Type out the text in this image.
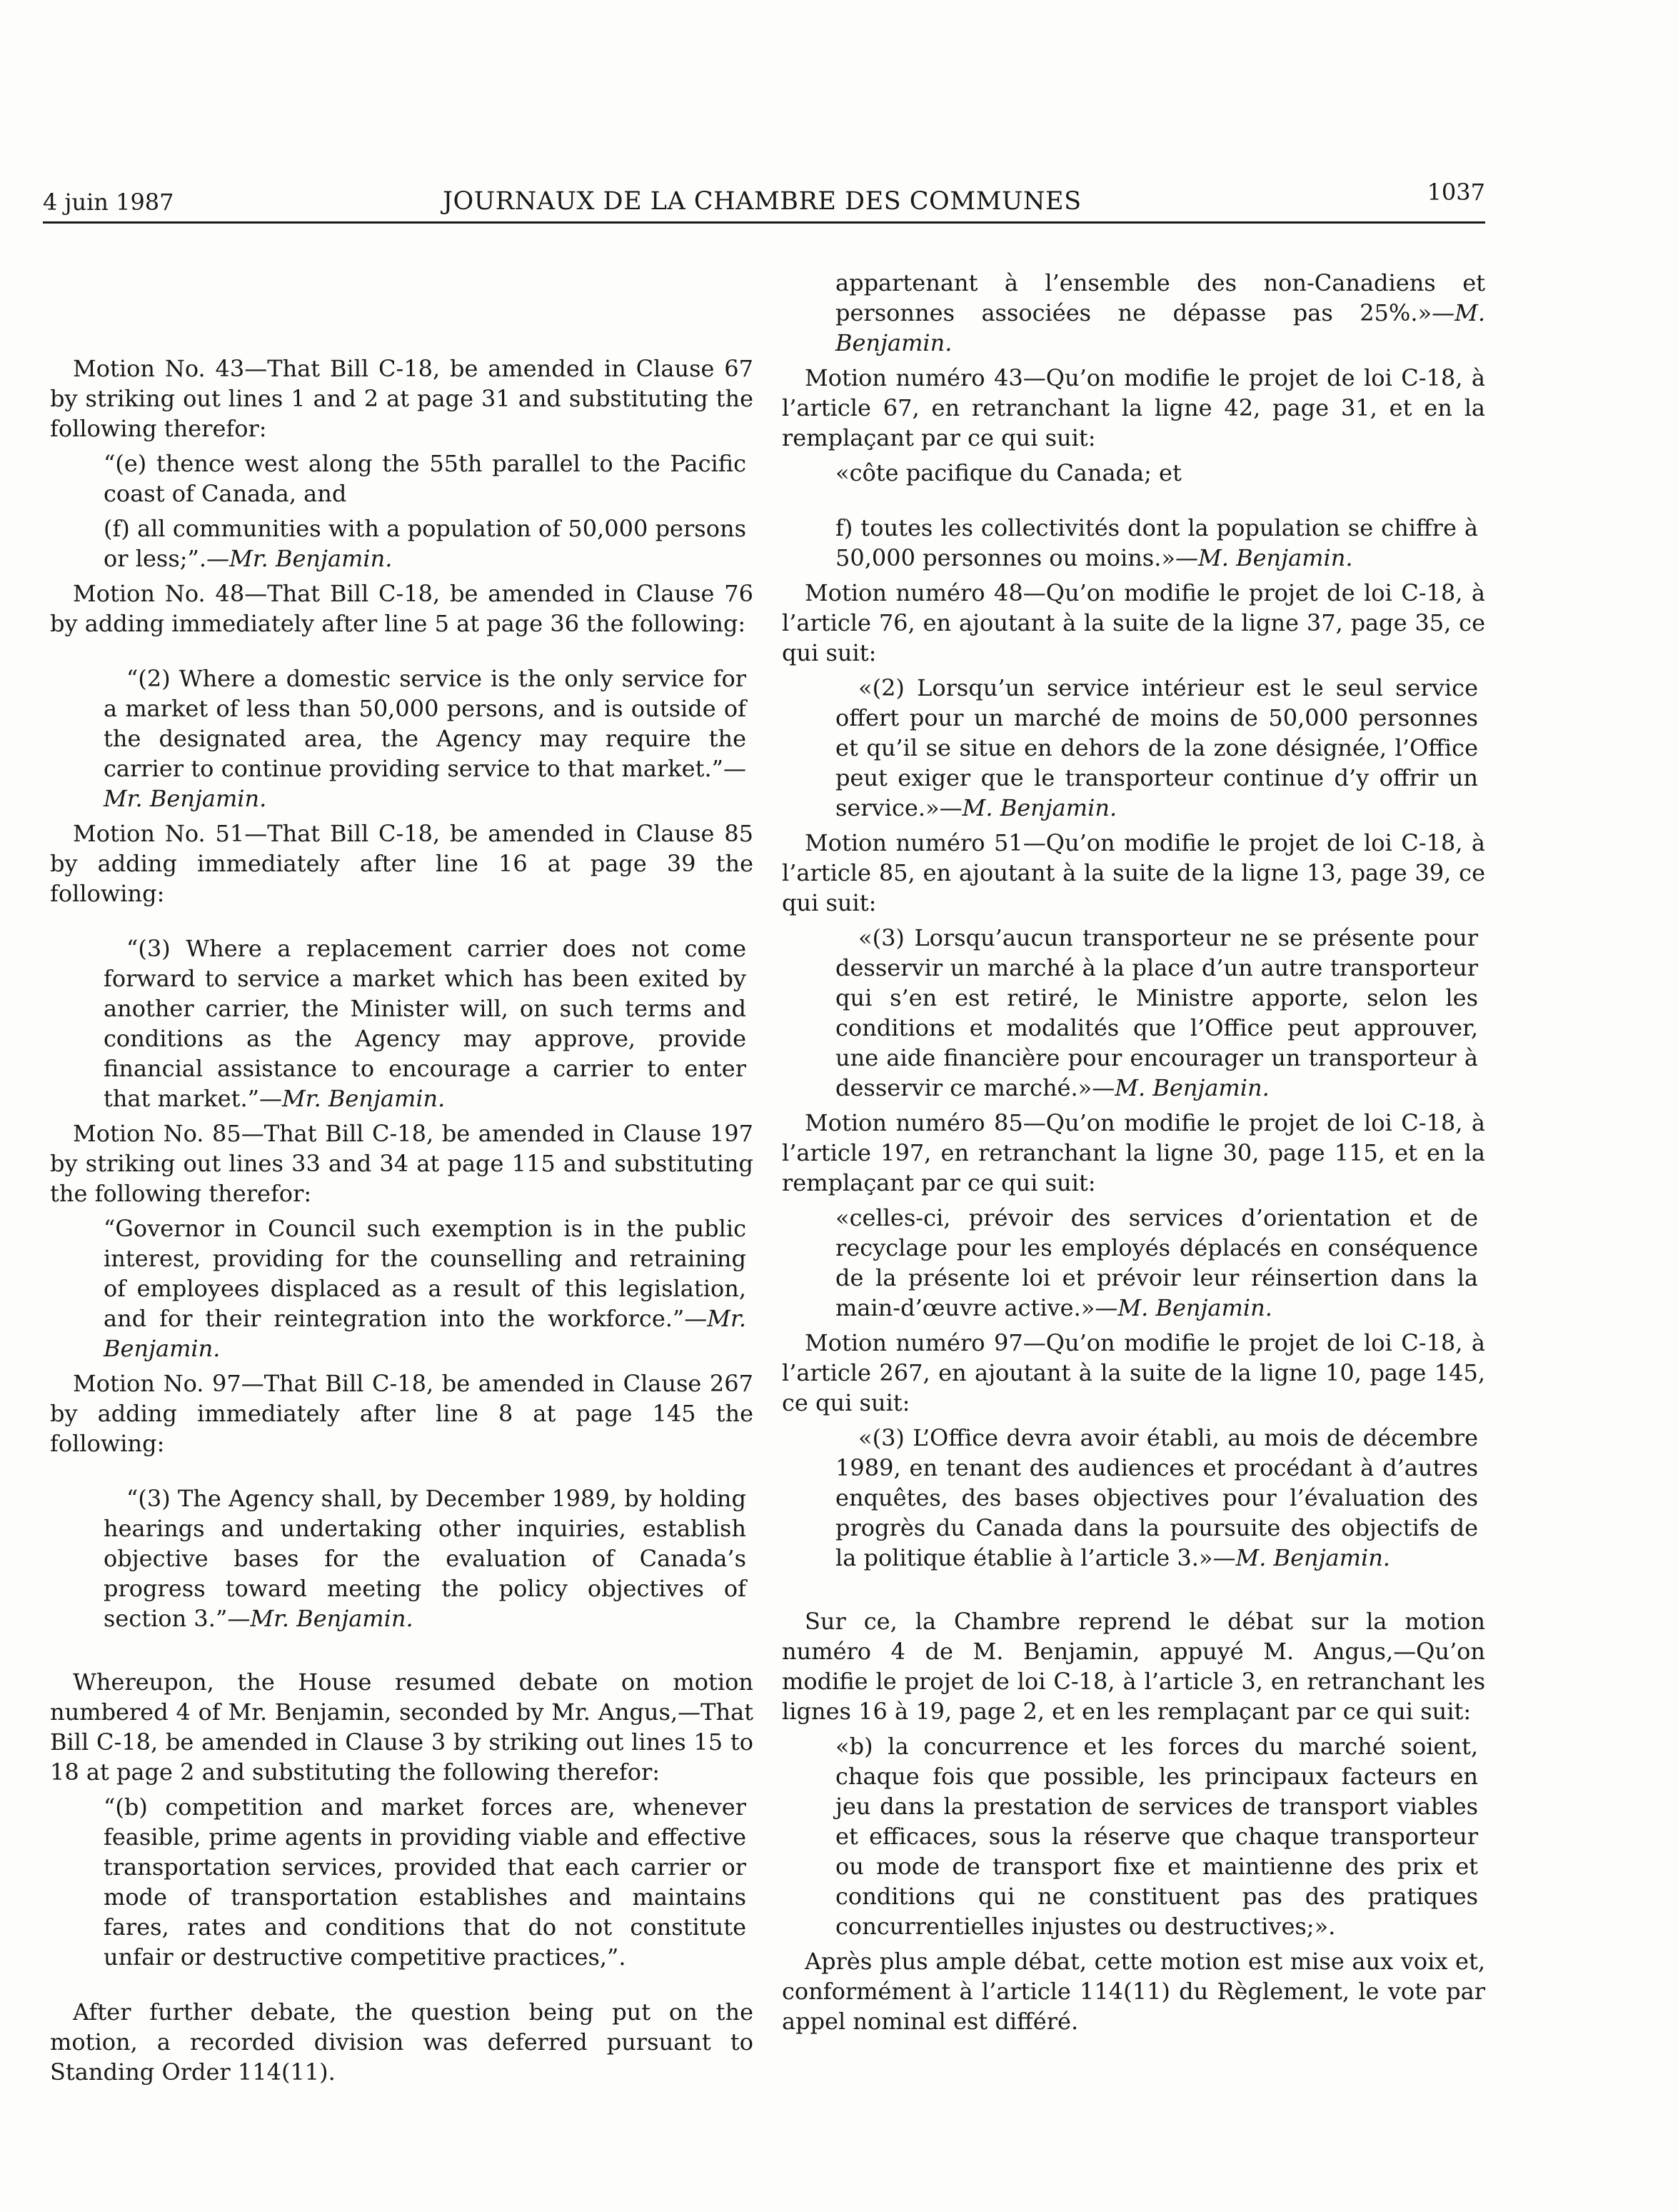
4 juin 1987	JOURNAUX DE LA CHAMBRE DES COMMUNES	1037

Motion No. 43—That Bill C-18, be amended in Clause 67 by striking out lines 1 and 2 at page 31 and substituting the following therefor:

“(e) thence west along the 55th parallel to the Pacific coast of Canada, and

(f) all communities with a population of 50,000 persons or less;”.—Mr. Benjamin.

Motion No. 48—That Bill C-18, be amended in Clause 76 by adding immediately after line 5 at page 36 the following:

“(2) Where a domestic service is the only service for a market of less than 50,000 persons, and is outside of the designated area, the Agency may require the carrier to continue providing service to that market.”—Mr. Benjamin.

Motion No. 51—That Bill C-18, be amended in Clause 85 by adding immediately after line 16 at page 39 the following:

“(3) Where a replacement carrier does not come forward to service a market which has been exited by another carrier, the Minister will, on such terms and conditions as the Agency may approve, provide financial assistance to encourage a carrier to enter that market.”—Mr. Benjamin.

Motion No. 85—That Bill C-18, be amended in Clause 197 by striking out lines 33 and 34 at page 115 and substituting the following therefor:

“Governor in Council such exemption is in the public interest, providing for the counselling and retraining of employees displaced as a result of this legislation, and for their reintegration into the workforce.”—Mr. Benjamin.

Motion No. 97—That Bill C-18, be amended in Clause 267 by adding immediately after line 8 at page 145 the following:

“(3) The Agency shall, by December 1989, by holding hearings and undertaking other inquiries, establish objective bases for the evaluation of Canada’s progress toward meeting the policy objectives of section 3.”—Mr. Benjamin.

Whereupon, the House resumed debate on motion numbered 4 of Mr. Benjamin, seconded by Mr. Angus,—That Bill C-18, be amended in Clause 3 by striking out lines 15 to 18 at page 2 and substituting the following therefor:

“(b) competition and market forces are, whenever feasible, prime agents in providing viable and effective transportation services, provided that each carrier or mode of transportation establishes and maintains fares, rates and conditions that do not constitute unfair or destructive competitive practices,”.

After further debate, the question being put on the motion, a recorded division was deferred pursuant to Standing Order 114(11).

appartenant à l’ensemble des non-Canadiens et personnes associées ne dépasse pas 25%.»—M. Benjamin.

Motion numéro 43—Qu’on modifie le projet de loi C-18, à l’article 67, en retranchant la ligne 42, page 31, et en la remplaçant par ce qui suit:

«côte pacifique du Canada; et

f) toutes les collectivités dont la population se chiffre à 50,000 personnes ou moins.»—M. Benjamin.

Motion numéro 48—Qu’on modifie le projet de loi C-18, à l’article 76, en ajoutant à la suite de la ligne 37, page 35, ce qui suit:

«(2) Lorsqu’un service intérieur est le seul service offert pour un marché de moins de 50,000 personnes et qu’il se situe en dehors de la zone désignée, l’Office peut exiger que le transporteur continue d’y offrir un service.»—M. Benjamin.

Motion numéro 51—Qu’on modifie le projet de loi C-18, à l’article 85, en ajoutant à la suite de la ligne 13, page 39, ce qui suit:

«(3) Lorsqu’aucun transporteur ne se présente pour desservir un marché à la place d’un autre transporteur qui s’en est retiré, le Ministre apporte, selon les conditions et modalités que l’Office peut approuver, une aide financière pour encourager un transporteur à desservir ce marché.»—M. Benjamin.

Motion numéro 85—Qu’on modifie le projet de loi C-18, à l’article 197, en retranchant la ligne 30, page 115, et en la remplaçant par ce qui suit:

«celles-ci, prévoir des services d’orientation et de recyclage pour les employés déplacés en conséquence de la présente loi et prévoir leur réinsertion dans la main-d’œuvre active.»—M. Benjamin.

Motion numéro 97—Qu’on modifie le projet de loi C-18, à l’article 267, en ajoutant à la suite de la ligne 10, page 145, ce qui suit:

«(3) L’Office devra avoir établi, au mois de décembre 1989, en tenant des audiences et procédant à d’autres enquêtes, des bases objectives pour l’évaluation des progrès du Canada dans la poursuite des objectifs de la politique établie à l’article 3.»—M. Benjamin.

Sur ce, la Chambre reprend le débat sur la motion numéro 4 de M. Benjamin, appuyé M. Angus,—Qu’on modifie le projet de loi C-18, à l’article 3, en retranchant les lignes 16 à 19, page 2, et en les remplaçant par ce qui suit:

«b) la concurrence et les forces du marché soient, chaque fois que possible, les principaux facteurs en jeu dans la prestation de services de transport viables et efficaces, sous la réserve que chaque transporteur ou mode de transport fixe et maintienne des prix et conditions qui ne constituent pas des pratiques concurrentielles injustes ou destructives;».

Après plus ample débat, cette motion est mise aux voix et, conformément à l’article 114(11) du Règlement, le vote par appel nominal est différé.
